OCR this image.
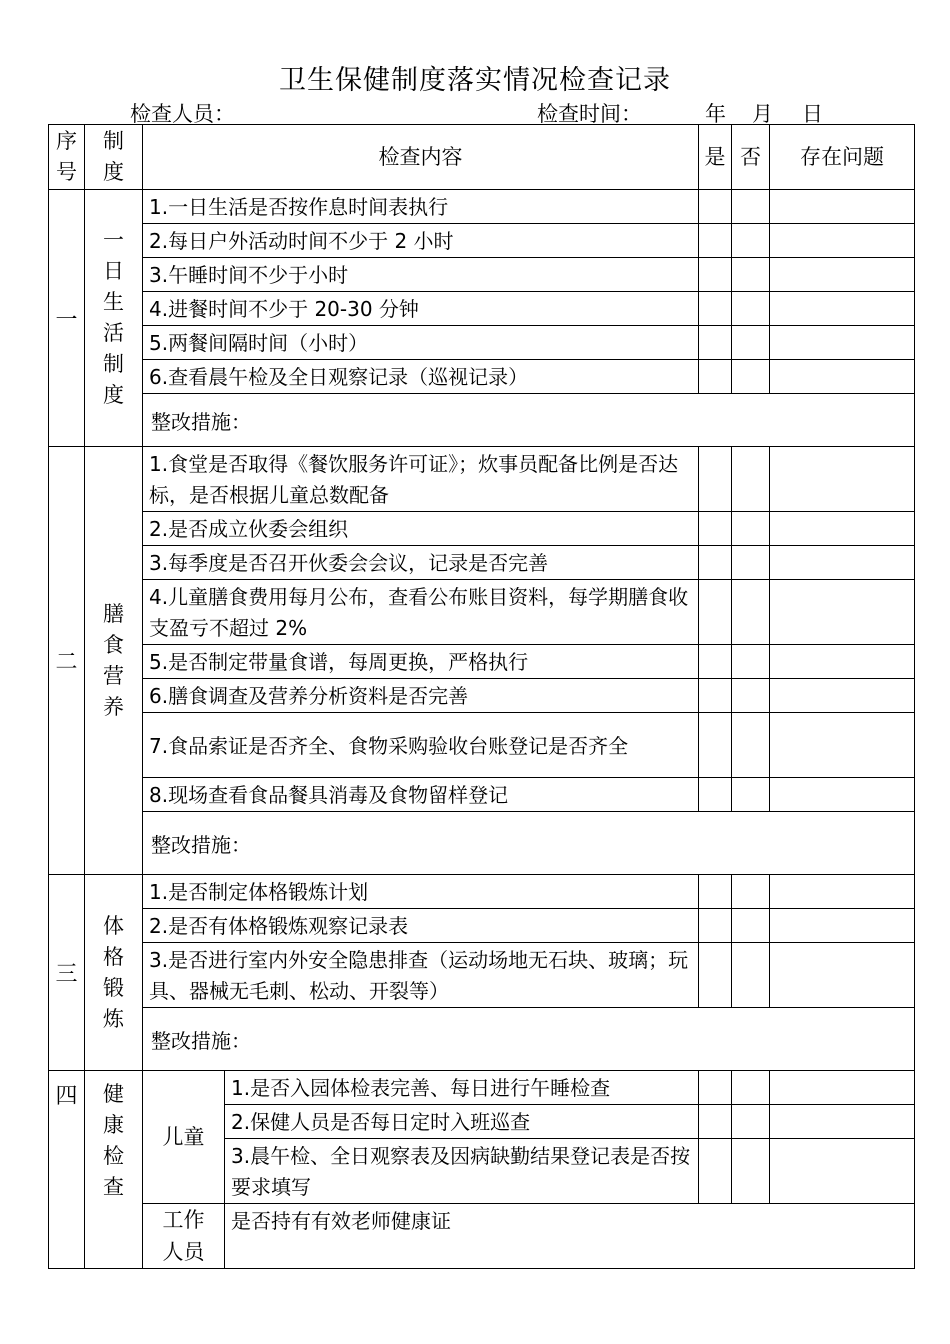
卫生保健制度落实情况检查记录
检查人员：	检查时间：	年 月 日
序号	制度	检查内容		是	否	存在问题
一	一日生活制度	1.一日生活是否按作息时间表执行				
		2.每日户外活动时间不少于 2 小时				
		3.午睡时间不少于小时				
		4.进餐时间不少于 20-30 分钟				
		5.两餐间隔时间（小时）				
		6.查看晨午检及全日观察记录（巡视记录）				
		整改措施：				
二	膳食营养	1.食堂是否取得《餐饮服务许可证》；炊事员配备比例是否达标，是否根据儿童总数配备				
		2.是否成立伙委会组织				
		3.每季度是否召开伙委会会议，记录是否完善				
		4.儿童膳食费用每月公布，查看公布账目资料，每学期膳食收支盈亏不超过 2%				
		5.是否制定带量食谱，每周更换，严格执行				
		6.膳食调查及营养分析资料是否完善				
		7.食品索证是否齐全、食物采购验收台账登记是否齐全				
		8.现场查看食品餐具消毒及食物留样登记				
		整改措施：				
三	体格锻炼	1.是否制定体格锻炼计划				
		2.是否有体格锻炼观察记录表				
		3.是否进行室内外安全隐患排查（运动场地无石块、玻璃；玩具、器械无毛刺、松动、开裂等）				
		整改措施：				
四	健康检查	儿童	1.是否入园体检表完善、每日进行午睡检查			
			2.保健人员是否每日定时入班巡查			
			3.晨午检、全日观察表及因病缺勤结果登记表是否按要求填写			
		工作人员	是否持有有效老师健康证			
